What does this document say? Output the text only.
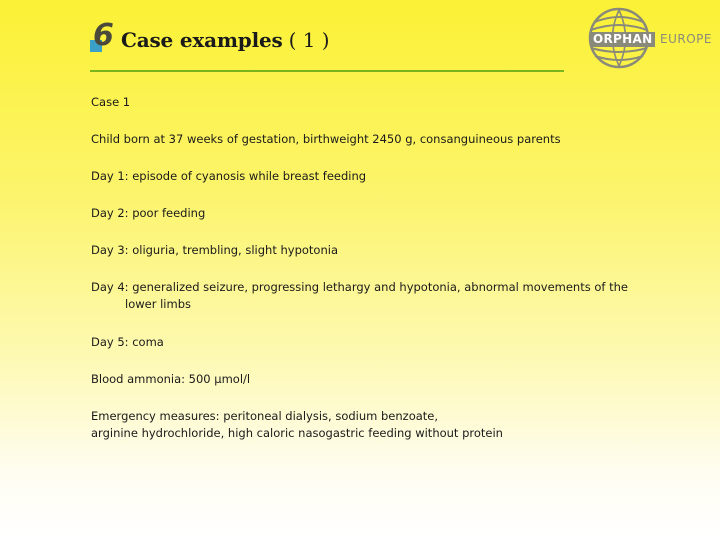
6 Case examples ( 1 )	ORPHAN EUROPE

Case 1

Child born at 37 weeks of gestation, birthweight 2450 g, consanguineous parents

Day 1: episode of cyanosis while breast feeding

Day 2: poor feeding

Day 3: oliguria, trembling, slight hypotonia

Day 4: generalized seizure, progressing lethargy and hypotonia, abnormal movements of the

lower limbs

Day 5: coma

Blood ammonia: 500 µmol/l

Emergency measures: peritoneal dialysis, sodium benzoate,

arginine hydrochloride, high caloric nasogastric feeding without protein
